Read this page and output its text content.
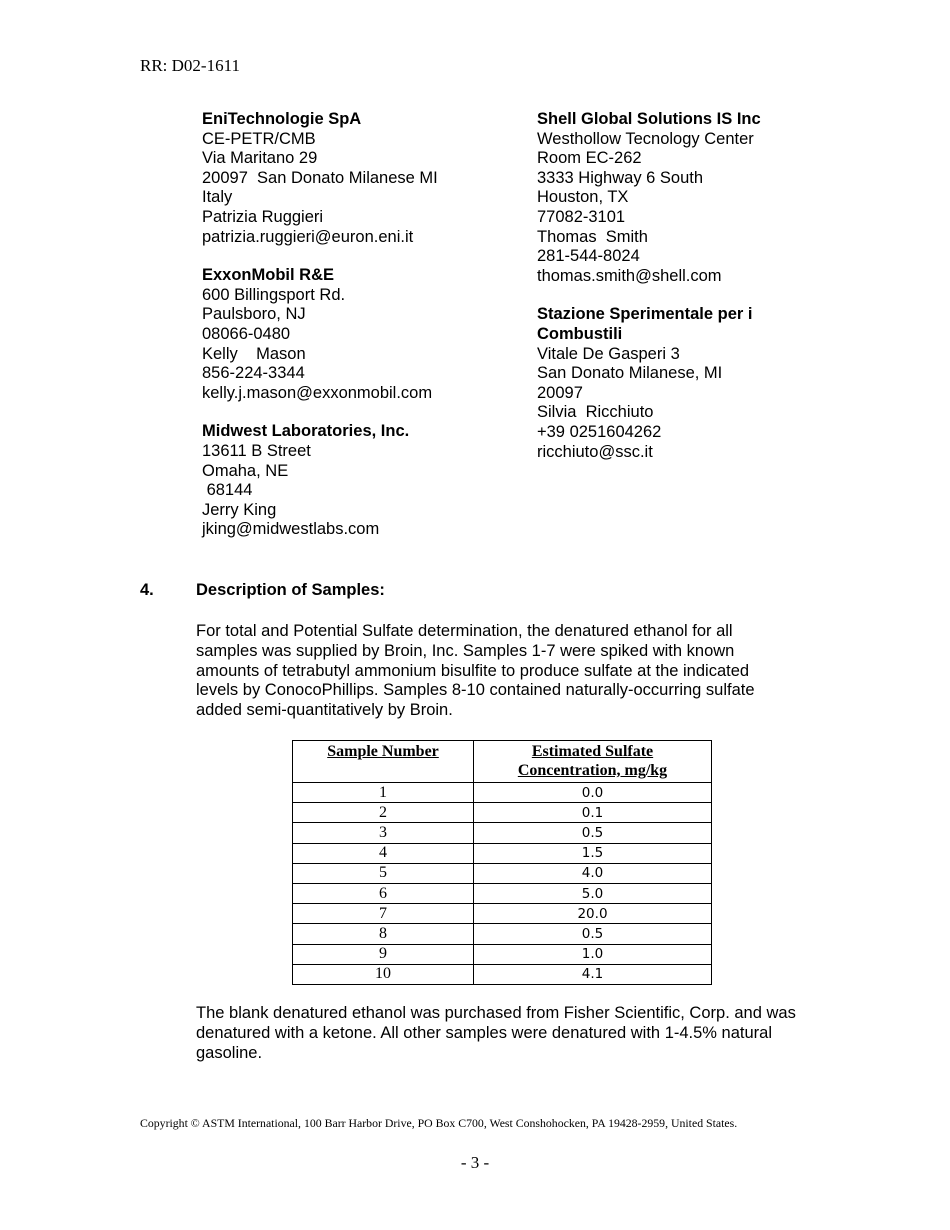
RR: D02-1611
EniTechnologie SpA
CE-PETR/CMB
Via Maritano 29
20097  San Donato Milanese MI
Italy
Patrizia Ruggieri
patrizia.ruggieri@euron.eni.it
ExxonMobil R&E
600 Billingsport Rd.
Paulsboro, NJ
08066-0480
Kelly    Mason
856-224-3344
kelly.j.mason@exxonmobil.com
Midwest Laboratories, Inc.
13611 B Street
Omaha, NE
68144
Jerry King
jking@midwestlabs.com
Shell Global Solutions IS Inc
Westhollow Tecnology Center
Room EC-262
3333 Highway 6 South
Houston, TX
77082-3101
Thomas  Smith
281-544-8024
thomas.smith@shell.com
Stazione Sperimentale per i
Combustili
Vitale De Gasperi 3
San Donato Milanese, MI
20097
Silvia  Ricchiuto
+39 0251604262
ricchiuto@ssc.it
4.	Description of Samples:
For total and Potential Sulfate determination, the denatured ethanol for all samples was supplied by Broin, Inc. Samples 1-7 were spiked with known amounts of tetrabutyl ammonium bisulfite to produce sulfate at the indicated levels by ConocoPhillips. Samples 8-10 contained naturally-occurring sulfate added semi-quantitatively by Broin.
Sample Number	Estimated Sulfate
Concentration, mg/kg
1	0.0
2	0.1
3	0.5
4	1.5
5	4.0
6	5.0
7	20.0
8	0.5
9	1.0
10	4.1
The blank denatured ethanol was purchased from Fisher Scientific, Corp. and was denatured with a ketone. All other samples were denatured with 1-4.5% natural gasoline.
Copyright © ASTM International, 100 Barr Harbor Drive, PO Box C700, West Conshohocken, PA 19428-2959, United States.
- 3 -
